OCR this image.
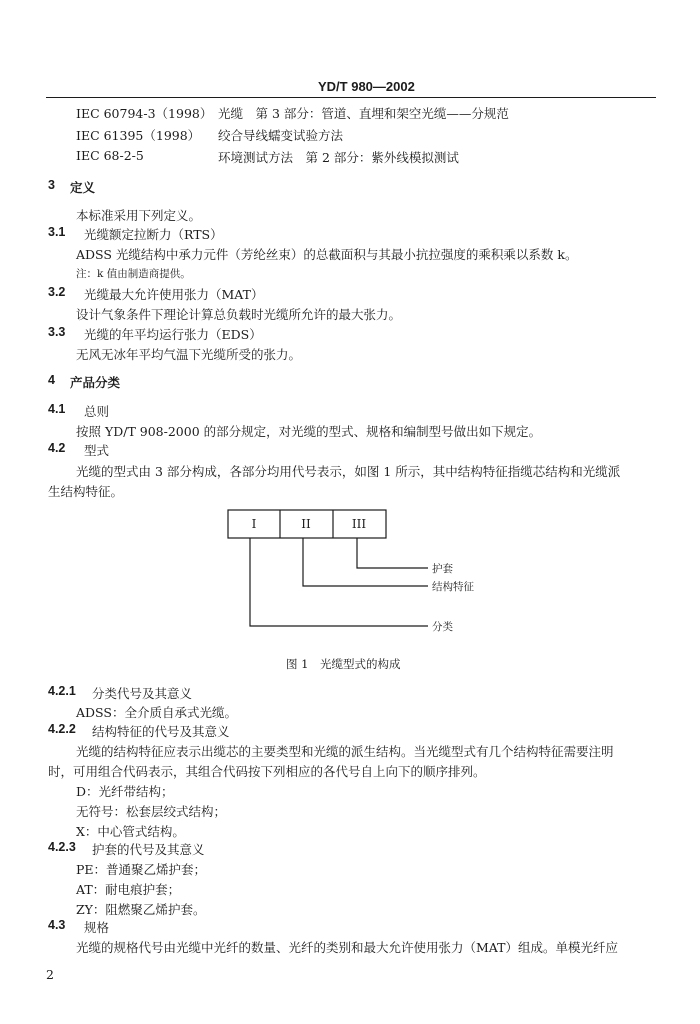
YD/T 980—2002
IEC 60794-3（1998） 光缆　第 3 部分：管道、直埋和架空光缆——分规范
IEC 61395（1998） 绞合导线蠕变试验方法
IEC 68-2-5	环境测试方法　第 2 部分：紫外线模拟测试
3 定义
本标准采用下列定义。
3.1 光缆额定拉断力（RTS）
ADSS 光缆结构中承力元件（芳纶丝束）的总截面积与其最小抗拉强度的乘积乘以系数 k。
注：k 值由制造商提供。
3.2 光缆最大允许使用张力（MAT）
设计气象条件下理论计算总负载时光缆所允许的最大张力。
3.3 光缆的年平均运行张力（EDS）
无风无冰年平均气温下光缆所受的张力。
4 产品分类
4.1 总则
按照 YD/T 908-2000 的部分规定，对光缆的型式、规格和编制型号做出如下规定。
4.2 型式
光缆的型式由 3 部分构成，各部分均用代号表示，如图 1 所示，其中结构特征指缆芯结构和光缆派
生结构特征。
I	II	III
护套
结构特征
分类
图 1　光缆型式的构成
4.2.1 分类代号及其意义
ADSS：全介质自承式光缆。
4.2.2 结构特征的代号及其意义
光缆的结构特征应表示出缆芯的主要类型和光缆的派生结构。当光缆型式有几个结构特征需要注明
时，可用组合代码表示，其组合代码按下列相应的各代号自上向下的顺序排列。
D：光纤带结构；
无符号：松套层绞式结构；
X：中心管式结构。
4.2.3 护套的代号及其意义
PE：普通聚乙烯护套；
AT：耐电痕护套；
ZY：阻燃聚乙烯护套。
4.3 规格
光缆的规格代号由光缆中光纤的数量、光纤的类别和最大允许使用张力（MAT）组成。单模光纤应
2
